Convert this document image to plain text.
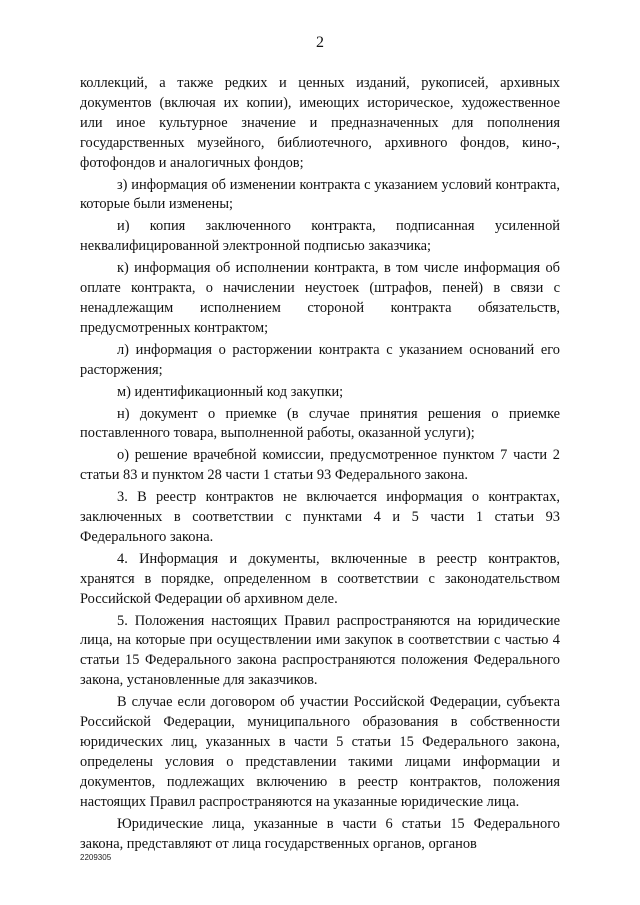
2

коллекций, а также редких и ценных изданий, рукописей, архивных документов (включая их копии), имеющих историческое, художественное или иное культурное значение и предназначенных для пополнения государственных музейного, библиотечного, архивного фондов, кино-, фотофондов и аналогичных фондов;

з) информация об изменении контракта с указанием условий контракта, которые были изменены;

и) копия заключенного контракта, подписанная усиленной неквалифицированной электронной подписью заказчика;

к) информация об исполнении контракта, в том числе информация об оплате контракта, о начислении неустоек (штрафов, пеней) в связи с ненадлежащим исполнением стороной контракта обязательств, предусмотренных контрактом;

л) информация о расторжении контракта с указанием оснований его расторжения;

м) идентификационный код закупки;

н) документ о приемке (в случае принятия решения о приемке поставленного товара, выполненной работы, оказанной услуги);

о) решение врачебной комиссии, предусмотренное пунктом 7 части 2 статьи 83 и пунктом 28 части 1 статьи 93 Федерального закона.

3. В реестр контрактов не включается информация о контрактах, заключенных в соответствии с пунктами 4 и 5 части 1 статьи 93 Федерального закона.

4. Информация и документы, включенные в реестр контрактов, хранятся в порядке, определенном в соответствии с законодательством Российской Федерации об архивном деле.

5. Положения настоящих Правил распространяются на юридические лица, на которые при осуществлении ими закупок в соответствии с частью 4 статьи 15 Федерального закона распространяются положения Федерального закона, установленные для заказчиков.

В случае если договором об участии Российской Федерации, субъекта Российской Федерации, муниципального образования в собственности юридических лиц, указанных в части 5 статьи 15 Федерального закона, определены условия о представлении такими лицами информации и документов, подлежащих включению в реестр контрактов, положения настоящих Правил распространяются на указанные юридические лица.

Юридические лица, указанные в части 6 статьи 15 Федерального закона, представляют от лица государственных органов, органов

2209305
